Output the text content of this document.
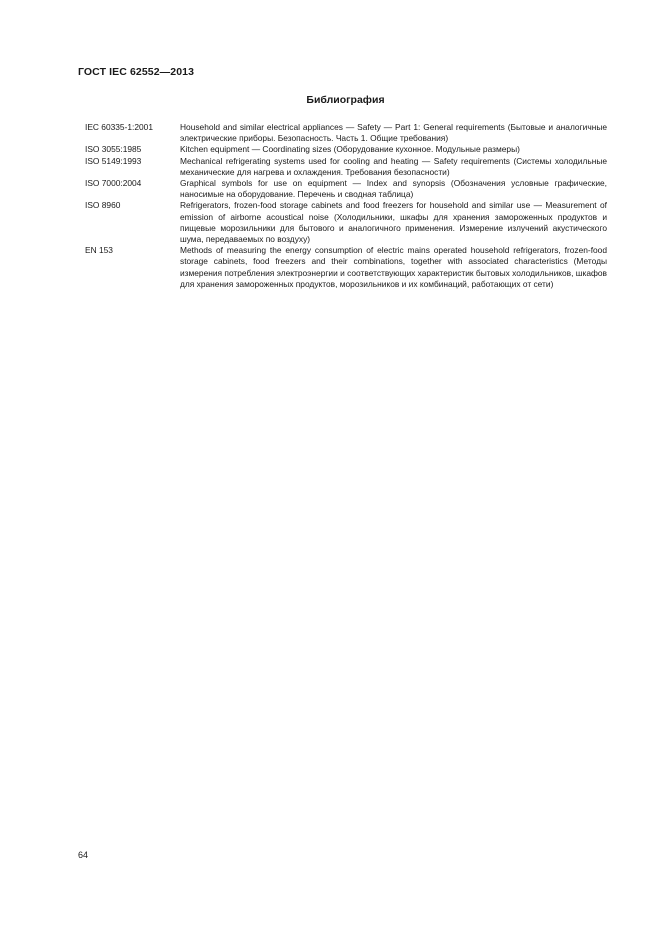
ГОСТ IEC 62552—2013
Библиография
IEC 60335-1:2001	Household and similar electrical appliances — Safety — Part 1: General requirements (Бытовые и аналогичные электрические приборы. Безопасность. Часть 1. Общие требования)
ISO 3055:1985	Kitchen equipment — Coordinating sizes (Оборудование кухонное. Модульные размеры)
ISO 5149:1993	Mechanical refrigerating systems used for cooling and heating — Safety requirements (Системы холодильные механические для нагрева и охлаждения. Требования безопасности)
ISO 7000:2004	Graphical symbols for use on equipment — Index and synopsis (Обозначения условные графические, наносимые на оборудование. Перечень и сводная таблица)
ISO 8960	Refrigerators, frozen-food storage cabinets and food freezers for household and similar use — Measurement of emission of airborne acoustical noise (Холодильники, шкафы для хранения замороженных продуктов и пищевые морозильники для бытового и аналогичного применения. Измерение излучений акустического шума, передаваемых по воздуху)
EN 153	Methods of measuring the energy consumption of electric mains operated household refrigerators, frozen-food storage cabinets, food freezers and their combinations, together with associated characteristics (Методы измерения потребления электроэнергии и соответствующих характеристик бытовых холодильников, шкафов для хранения замороженных продуктов, морозильников и их комбинаций, работающих от сети)
64
